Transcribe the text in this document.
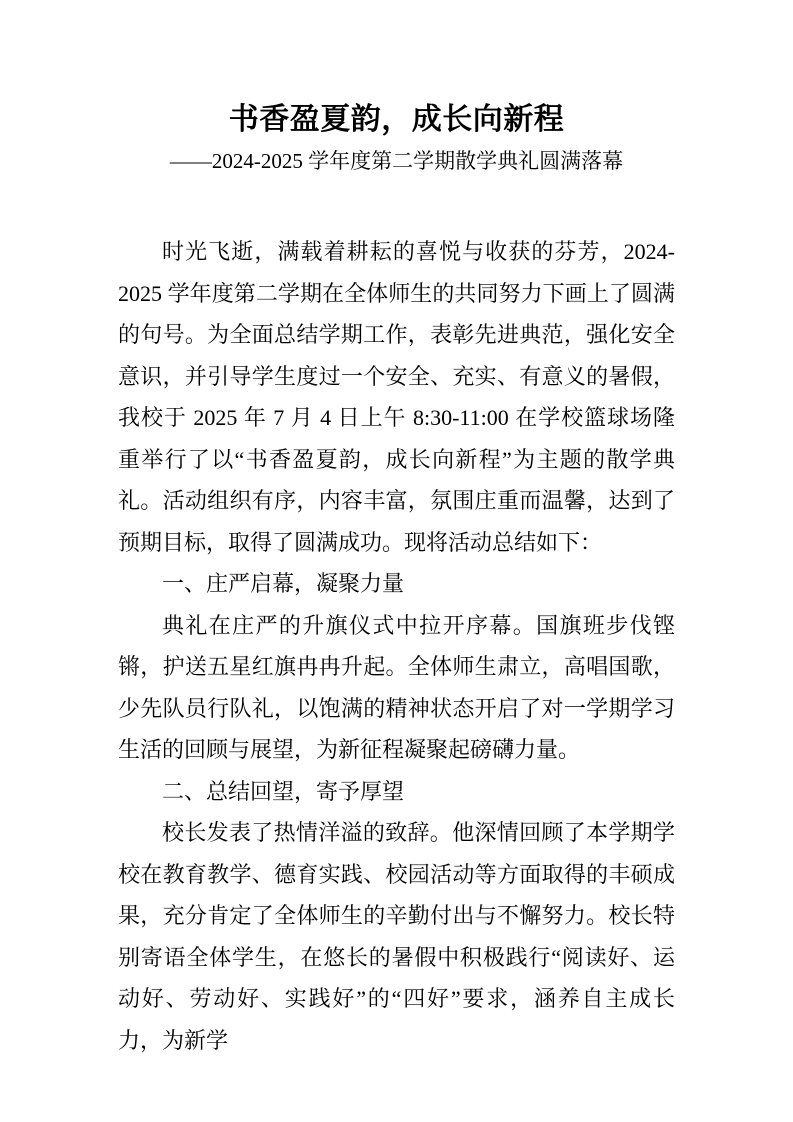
书香盈夏韵，成长向新程
——2024-2025 学年度第二学期散学典礼圆满落幕

时光飞逝，满载着耕耘的喜悦与收获的芬芳，2024-2025 学年度第二学期在全体师生的共同努力下画上了圆满的句号。为全面总结学期工作，表彰先进典范，强化安全意识，并引导学生度过一个安全、充实、有意义的暑假，我校于 2025 年 7 月 4 日上午 8:30-11:00 在学校篮球场隆重举行了以“书香盈夏韵，成长向新程”为主题的散学典礼。活动组织有序，内容丰富，氛围庄重而温馨，达到了预期目标，取得了圆满成功。现将活动总结如下：

一、庄严启幕，凝聚力量

典礼在庄严的升旗仪式中拉开序幕。国旗班步伐铿锵，护送五星红旗冉冉升起。全体师生肃立，高唱国歌，少先队员行队礼，以饱满的精神状态开启了对一学期学习生活的回顾与展望，为新征程凝聚起磅礴力量。

二、总结回望，寄予厚望

校长发表了热情洋溢的致辞。他深情回顾了本学期学校在教育教学、德育实践、校园活动等方面取得的丰硕成果，充分肯定了全体师生的辛勤付出与不懈努力。校长特别寄语全体学生，在悠长的暑假中积极践行“阅读好、运动好、劳动好、实践好”的“四好”要求，涵养自主成长力，为新学
